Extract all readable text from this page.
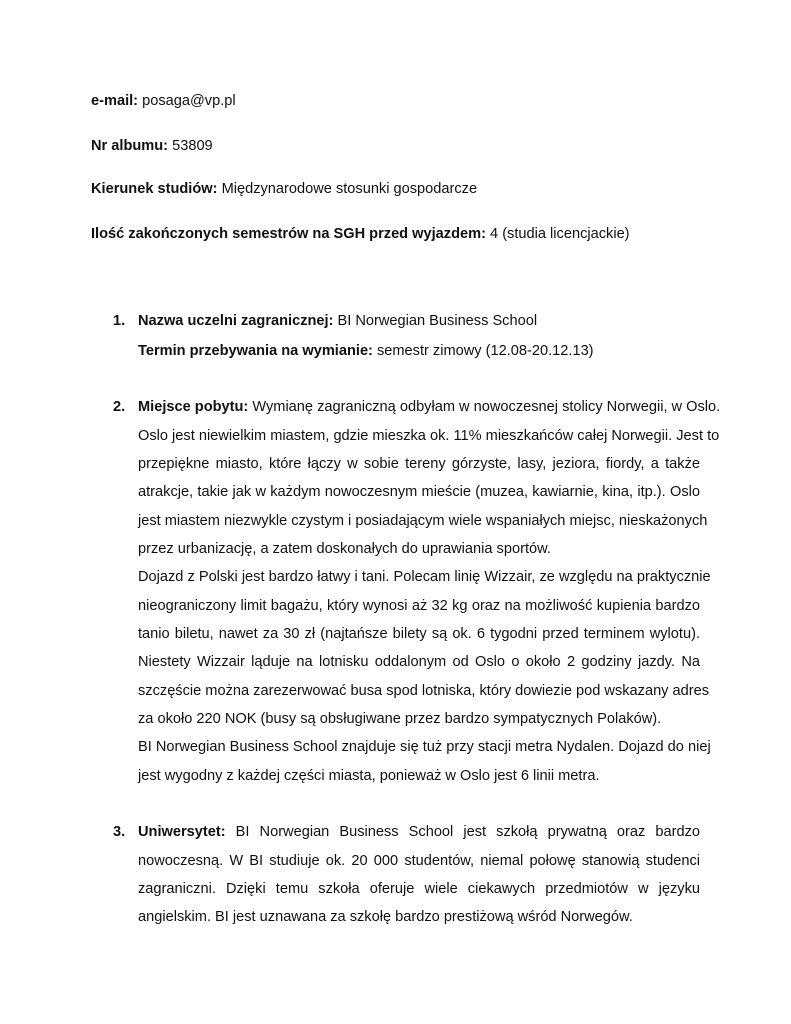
e-mail: posaga@vp.pl
Nr albumu: 53809
Kierunek studiów: Międzynarodowe stosunki gospodarcze
Ilość zakończonych semestrów na SGH przed wyjazdem: 4 (studia licencjackie)
1. Nazwa uczelni zagranicznej: BI Norwegian Business School
Termin przebywania na wymianie: semestr zimowy (12.08-20.12.13)
2. Miejsce pobytu: Wymianę zagraniczną odbyłam w nowoczesnej stolicy Norwegii, w Oslo.
Oslo jest niewielkim miastem, gdzie mieszka ok. 11% mieszkańców całej Norwegii. Jest to
przepiękne miasto, które łączy w sobie tereny górzyste, lasy, jeziora, fiordy, a także
atrakcje, takie jak w każdym nowoczesnym mieście (muzea, kawiarnie, kina, itp.). Oslo
jest miastem niezwykle czystym i posiadającym wiele wspaniałych miejsc, nieskażonych
przez urbanizację, a zatem doskonałych do uprawiania sportów.
Dojazd z Polski jest bardzo łatwy i tani. Polecam linię Wizzair, ze względu na praktycznie
nieograniczony limit bagażu, który wynosi aż 32 kg oraz na możliwość kupienia bardzo
tanio biletu, nawet za 30 zł (najtańsze bilety są ok. 6 tygodni przed terminem wylotu).
Niestety Wizzair ląduje na lotnisku oddalonym od Oslo o około 2 godziny jazdy. Na
szczęście można zarezerwować busa spod lotniska, który dowiezie pod wskazany adres
za około 220 NOK (busy są obsługiwane przez bardzo sympatycznych Polaków).
BI Norwegian Business School znajduje się tuż przy stacji metra Nydalen. Dojazd do niej
jest wygodny z każdej części miasta, ponieważ w Oslo jest 6 linii metra.
3. Uniwersytet: BI Norwegian Business School jest szkołą prywatną oraz bardzo
nowoczesną. W BI studiuje ok. 20 000 studentów, niemal połowę stanowią studenci
zagraniczni. Dzięki temu szkoła oferuje wiele ciekawych przedmiotów w języku
angielskim. BI jest uznawana za szkołę bardzo prestiżową wśród Norwegów.
